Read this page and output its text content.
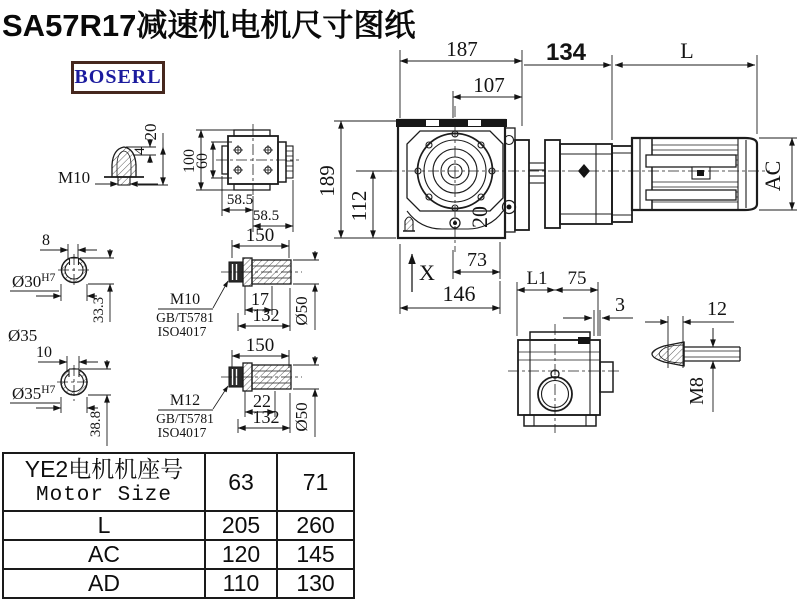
SA57R17减速机电机尺寸图纸
BOSERL
20
187
107
134	L
189
112
X 73
146
AC
4
20
M10
100
60
58.5
58.5
8
$Ø30^{H7}$
33.3
Ø35
10
$Ø35^{H7}$
38.8
150
17
132 Ø50
M10
GB/T5781
ISO4017
150
22
132 Ø50
M12
GB/T5781
ISO4017
L1 75
3	12
M8
YE2电机机座号
Motor Size	63	71
L	205	260
AC	120	145
AD	110	130
